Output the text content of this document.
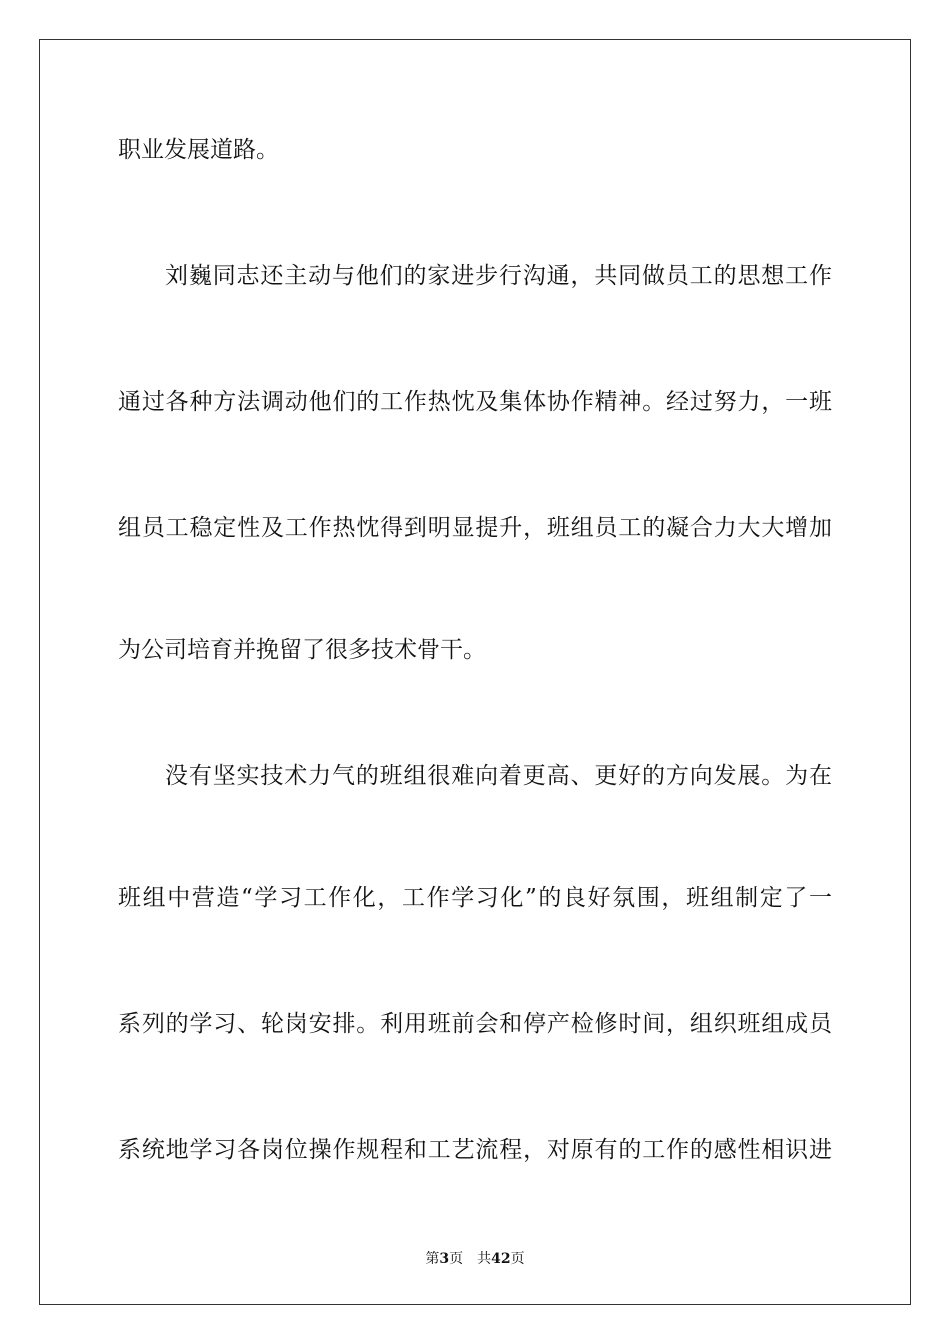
职业发展道路。
刘巍同志还主动与他们的家进步行沟通，共同做员工的思想工作
通过各种方法调动他们的工作热忱及集体协作精神。经过努力，一班
组员工稳定性及工作热忱得到明显提升，班组员工的凝合力大大增加
为公司培育并挽留了很多技术骨干。
没有坚实技术力气的班组很难向着更高、更好的方向发展。为在
班组中营造“学习工作化，工作学习化”的良好氛围，班组制定了一
系列的学习、轮岗安排。利用班前会和停产检修时间，组织班组成员
系统地学习各岗位操作规程和工艺流程，对原有的工作的感性相识进
第3页 共42页
